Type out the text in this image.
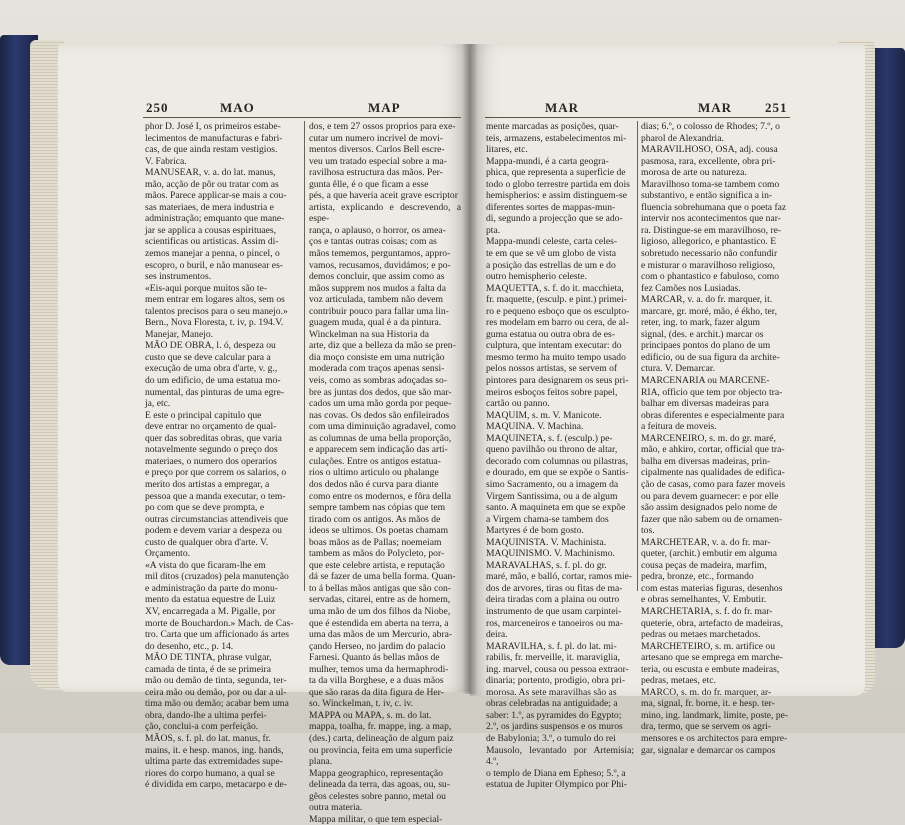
250	MAO	MAP	MAR	MAR	251

phor D. José I, os primeiros estabe-

lecimentos de manufacturas e fabri-

cas, de que ainda restam vestigios.

V. Fabrica.

MANUSEAR, v. a. do lat. manus,

mão, acção de pôr ou tratar com as

mãos. Parece applicar-se mais a cou-

sas materiaes, de mera industria e

administração; emquanto que mane-

jar se applica a cousas espirituaes,

scientificas ou artisticas. Assim di-

zemos manejar a penna, o pincel, o

escopro, o buril, e não manusear es-

ses instrumentos.

«Eis-aqui porque muitos são te-

mem entrar em logares altos, sem os

talentos precisos para o seu manejo.»

Bern., Nova Floresta, t. iv, p. 194.V.

Manejar, Manejo.

MÃO DE OBRA, l. ó, despeza ou

custo que se deve calcular para a

execução de uma obra d'arte, v. g.,

do um edificio, de uma estatua mo-

numental, das pinturas de uma egre-

ja, etc.

E este o principal capitulo que

deve entrar no orçamento de qual-

quer das sobreditas obras, que varia

notavelmente segundo o preço dos

materiaes, o numero dos operarios

e preço por que correm os salarios, o

merito dos artistas a empregar, a

pessoa que a manda executar, o tem-

po com que se deve prompta, e

outras circumstancias attendiveis que

podem e devem variar a despeza ou

custo de qualquer obra d'arte. V.

Orçamento.

«A vista do que ficaram-lhe em

mil ditos (cruzados) pela manutenção

e administração da parte do monu-

mento da estatua equestre de Luiz

XV, encarregada a M. Pigalle, por

morte de Bouchardon.» Mach. de Cas-

tro. Carta que um afficionado ás artes

do desenho, etc., p. 14.

MÃO DE TINTA, phrase vulgar,

camada de tinta, é de se primeira

mão ou demão de tinta, segunda, ter-

ceira mão ou demão, por ou dar a ul-

tima mão ou demão; acabar bem uma

obra, dando-lhe a ultima perfei-

ção, conclui-a com perfeição.

MÃOS, s. f. pl. do lat. manus, fr.

mains, it. e hesp. manos, ing. hands,

ultima parte das extremidades supe-

riores do corpo humano, a qual se

é dividida em carpo, metacarpo e de-

dos, e tem 27 ossos proprios para exe-

cutar um numero incrivel de movi-

mentos diversos. Carlos Bell escre-

veu um tratado especial sobre a ma-

ravilhosa estructura das mãos. Per-

gunta êlle, é o que ficam a esse

pés, a que haveria aceit grave escriptor

artista, explicando e descrevendo, a espe-

rança, o aplauso, o horror, os amea-

ços e tantas outras coisas; com as

mãos tememos, perguntamos, appro-

vamos, recusamos, duvidámos; e po-

demos concluir, que assim como as

mãos supprem nos mudos a falta da

voz articulada, tambem não devem

contribuir pouco para fallar uma lin-

guagem muda, qual é a da pintura.

Winckelman na sua Historia da

arte, diz que a belleza da mão se pren-

dia moço consiste em uma nutrição

moderada com traços apenas sensi-

veis, como as sombras adoçadas so-

bre as juntas dos dedos, que são mar-

cados um uma mão gorda por peque-

nas covas. Os dedos são enfileirados

com uma diminuição agradavel, como

as columnas de uma bella proporção,

e apparecem sem indicação das arti-

culações. Entre os antigos estatua-

rios o ultimo articulo ou phalange

dos dedos não é curva para diante

como entre os modernos, e fôra della

sempre tambem nas cópias que tem

tirado com os antigos. As mãos de

ideos se ultimos. Os poetas chamam

boas mãos as de Pallas; noemeiam

tambem as mãos do Polycleto, por-

que este celebre artista, e reputação

dá se fazer de uma bella forma. Quan-

to á bellas mãos antigas que são con-

servadas, citarei, entre as de homem,

uma mão de um dos filhos da Niobe,

que é estendida em aberta na terra, a

uma das mãos de um Mercurio, abra-

çando Herseo, no jardim do palacio

Farnesi. Quanto ás bellas mãos de

mulher, temos uma da hermaphrodi-

ta da villa Borghese, e a duas mãos

que são raras da dita figura de Her-

so. Winckelman, t. iv, c. iv.

MAPPA ou MAPA, s. m. do lat.

mappa, toalha, fr. mappe, ing. a map,

(des.) carta, delineação de algum paiz

ou provincia, feita em uma superficie

plana.

Mappa geographico, representação

delineada da terra, das agoas, ou, su-

gêos celestes sobre panno, metal ou

outra materia.

Mappa militar, o que tem especial-

mente marcadas as posições, quar-

teis, armazens, estabelecimentos mi-

litares, etc.

Mappa-mundi, é a carta geogra-

phica, que representa a superficie de

todo o globo terrestre partida em dois

hemispherios: e assim distinguem-se

diferentes sortes de mappas-mun-

di, segundo a projecção que se ado-

pta.

Mappa-mundi celeste, carta celes-

te em que se vê um globo de vista

a posição das estrellas de um e do

outro hemispherio celeste.

MAQUETTA, s. f. do it. macchieta,

fr. maquette, (esculp. e pint.) primei-

ro e pequeno esboço que os esculpto-

res modelam em barro ou cera, de al-

guma estatua ou outra obra de es-

culptura, que intentam executar: do

mesmo termo ha muito tempo usado

pelos nossos artistas, se servem of

pintores para designarem os seus pri-

meiros esboços feitos sobre papel,

cartão ou panno.

MAQUIM, s. m. V. Manicote.

MAQUINA. V. Machina.

MAQUINETA, s. f. (esculp.) pe-

queno pavilhão ou throno de altar,

decorado com columnas ou pilastras,

e dourado, em que se expõe o Santis-

simo Sacramento, ou a imagem da

Virgem Santissima, ou a de algum

santo. A maquineta em que se expõe

a Virgem chama-se tambem dos

Martyres é de bom gosto.

MAQUINISTA. V. Machinista.

MAQUINISMO. V. Machinismo.

MARAVALHAS, s. f. pl. do gr.

maré, mão, e balló, cortar, ramos mie-

dos de arvores, tiras ou fitas de ma-

deira tiradas com a plaina ou outro

instrumento de que usam carpintei-

ros, marceneiros e tanoeiros ou ma-

deira.

MARAVILHA, s. f. pl. do lat. mi-

rabilis, fr. merveille, it. maraviglia,

ing. marvel, cousa ou pessoa extraor-

dinaria; portento, prodigio, obra pri-

morosa. As sete maravilhas são as

obras celebradas na antiguidade; a

saber: 1.º, as pyramides do Egypto;

2.º, os jardins suspensos e os muros

de Babylonia; 3.º, o tumulo do rei

Mausolo, levantado por Artemisia; 4.º,

o templo de Diana em Epheso; 5.º, a

estatua de Jupiter Olympico por Phi-

dias; 6.º, o colosso de Rhodes; 7.º, o

pharol de Alexandria.

MARAVILHOSO, OSA, adj. cousa

pasmosa, rara, excellente, obra pri-

morosa de arte ou natureza.

Maravilhoso toma-se tambem como

substantivo, e então significa a in-

fluencia sobrehumana que o poeta faz

intervir nos acontecimentos que nar-

ra. Distingue-se em maravilhoso, re-

ligioso, allegorico, e phantastico. E

sobretudo necessario não confundir

e misturar o maravilhoso religioso,

com o phantastico e fabuloso, como

fez Camões nos Lusiadas.

MARCAR, v. a. do fr. marquer, it.

marcare, gr. moré, mão, é ékho, ter,

reter, ing. to mark, fazer algum

signal, (des. e archit.) marcar os

principaes pontos do plano de um

edificio, ou de sua figura da archite-

ctura. V. Demarcar.

MARCENARIA ou MARCENE-

RIA, officio que tem por objecto tra-

balhar em diversas madeiras para

obras diferentes e especialmente para

a feitura de moveis.

MARCENEIRO, s. m. do gr. maré,

mão, e ahkiro, cortar, official que tra-

balha em diversas madeiras, prin-

cipalmente nas qualidades de edifica-

ção de casas, como para fazer moveis

ou para devem guarnecer: e por elle

são assim designados pelo nome de

fazer que não sabem ou de ornamen-

tos.

MARCHETEAR, v. a. do fr. mar-

queter, (archit.) embutir em alguma

cousa peças de madeira, marfim,

pedra, bronze, etc., formando

com estas materias figuras, desenhos

e obras semelhantes, V. Embutir.

MARCHETARIA, s. f. do fr. mar-

queterie, obra, artefacto de madeiras,

pedras ou metaes marchetados.

MARCHETEIRO, s. m. artifice ou

artesano que se emprega em marche-

teria, ou escusta e embute madeiras,

pedras, metaes, etc.

MARCO, s. m. do fr. marquer, ar-

ma, signal, fr. borne, it. e hesp. ter-

mino, ing. landmark, limite, poste, pe-

dra, termo, que se servem os agri-

mensores e os architectos para empre-

gar, signalar e demarcar os campos
